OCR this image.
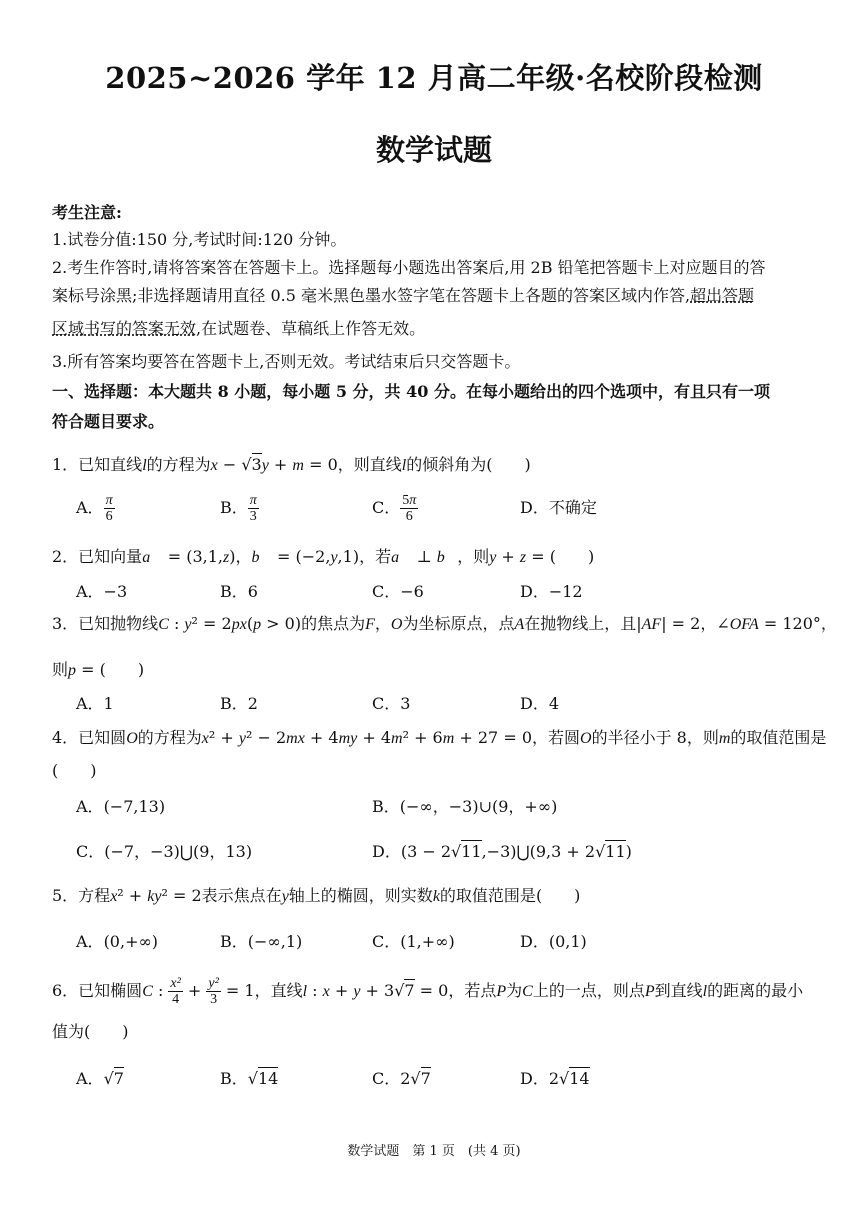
2025~2026 学年 12 月高二年级·名校阶段检测
数学试题
考生注意:
1.试卷分值:150 分,考试时间:120 分钟。
2.考生作答时,请将答案答在答题卡上。选择题每小题选出答案后,用 2B 铅笔把答题卡上对应题目的答
案标号涂黑;非选择题请用直径 0.5 毫米黑色墨水签字笔在答题卡上各题的答案区域内作答,超出答题
区域书写的答案无效,在试题卷、草稿纸上作答无效。
3.所有答案均要答在答题卡上,否则无效。考试结束后只交答题卡。
一、选择题：本大题共 8 小题，每小题 5 分，共 40 分。在每小题给出的四个选项中，有且只有一项
符合题目要求。
1．已知直线l的方程为x − √3y + m = 0，则直线l的倾斜角为(　　)
A． $\frac{\pi}{6}$	B． $\frac{\pi}{3}$	C． $\frac{5\pi}{6}$	D．不确定
2．已知向量a⃗ = (3,1,z)，b⃗ = (−2,y,1)，若a⃗ ⊥ b⃗，则y + z = (　　)
A．−3	B．6	C．−6	D．−12
3．已知抛物线C : y² = 2px(p > 0)的焦点为F，O为坐标原点，点A在抛物线上，且|AF| = 2，∠OFA = 120°，
则p = (　　)
A．1	B．2	C．3	D．4
4．已知圆O的方程为x² + y² − 2mx + 4my + 4m² + 6m + 27 = 0，若圆O的半径小于 8，则m的取值范围是
(　　)
A．(−7,13)	B．(−∞，−3)∪(9，+∞)
C．(−7，−3)⋃(9，13)	D．(3 − 2√11,−3)⋃(9,3 + 2√11)
5．方程x² + ky² = 2表示焦点在y轴上的椭圆，则实数k的取值范围是(　　)
A．(0,+∞)	B．(−∞,1)	C．(1,+∞)	D．(0,1)
6．已知椭圆C : $\frac{\text{x²}}{4} + \frac{\text{y²}}{3} = 1$，直线l : x + y + 3√7 = 0，若点P为C上的一点，则点P到直线l的距离的最小
值为(　　)
A．√7	B．√14	C．2√7	D．2√14
数学试题　第 1 页　(共 4 页)
